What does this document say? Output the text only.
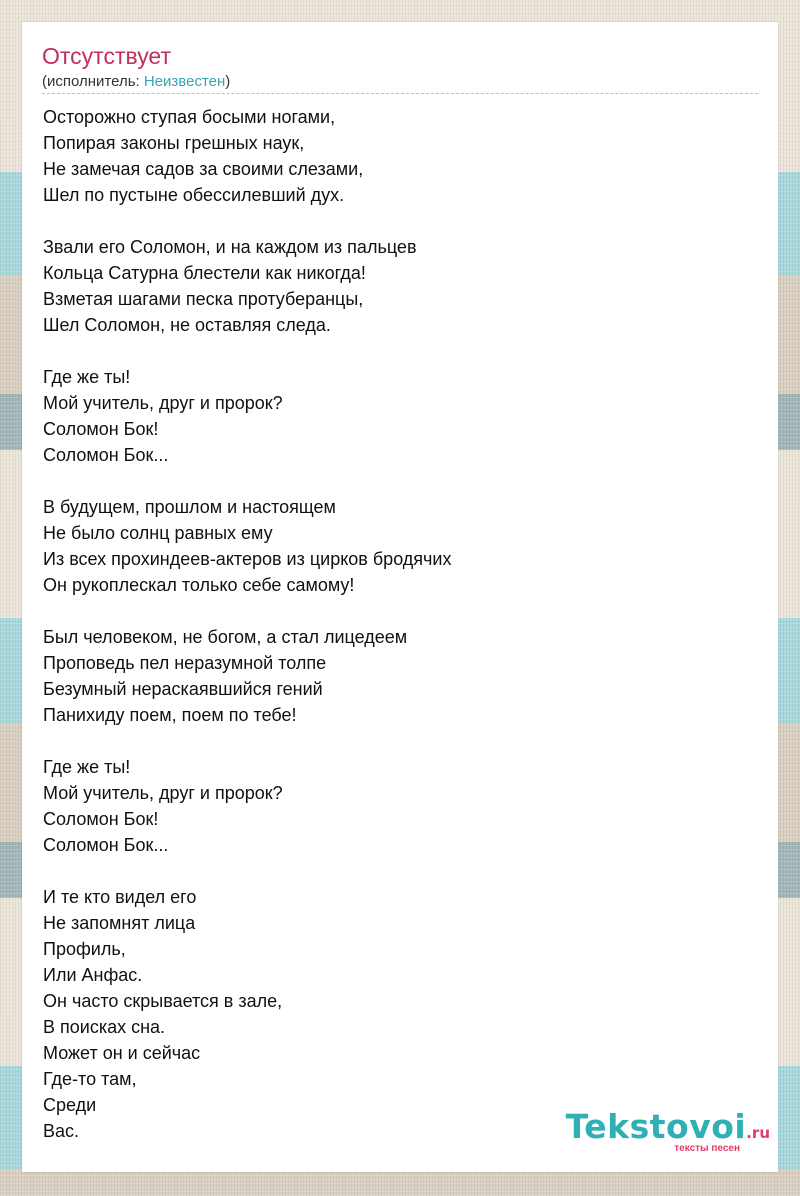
Отсутствует
(исполнитель: Неизвестен)
Осторожно ступая босыми ногами,
Попирая законы грешных наук,
Не замечая садов за своими слезами,
Шел по пустыне обессилевший дух.
Звали его Соломон, и на каждом из пальцев
Кольца Сатурна блестели как никогда!
Взметая шагами песка протуберанцы,
Шел Соломон, не оставляя следа.
Где же ты!
Мой учитель, друг и пророк?
Соломон Бок!
Соломон Бок...
В будущем, прошлом и настоящем
Не было солнц равных ему
Из всех прохиндеев-актеров из цирков бродячих
Он рукоплескал только себе самому!
Был человеком, не богом, а стал лицедеем
Проповедь пел неразумной толпе
Безумный нераскаявшийся гений
Панихиду поем, поем по тебе!
Где же ты!
Мой учитель, друг и пророк?
Соломон Бок!
Соломон Бок...
И те кто видел его
Не запомнят лица
Профиль,
Или Анфас.
Он часто скрывается в зале,
В поисках сна.
Может он и сейчас
Где-то там,
Среди
Вас.	Tekstovoi.ru
тексты песен
